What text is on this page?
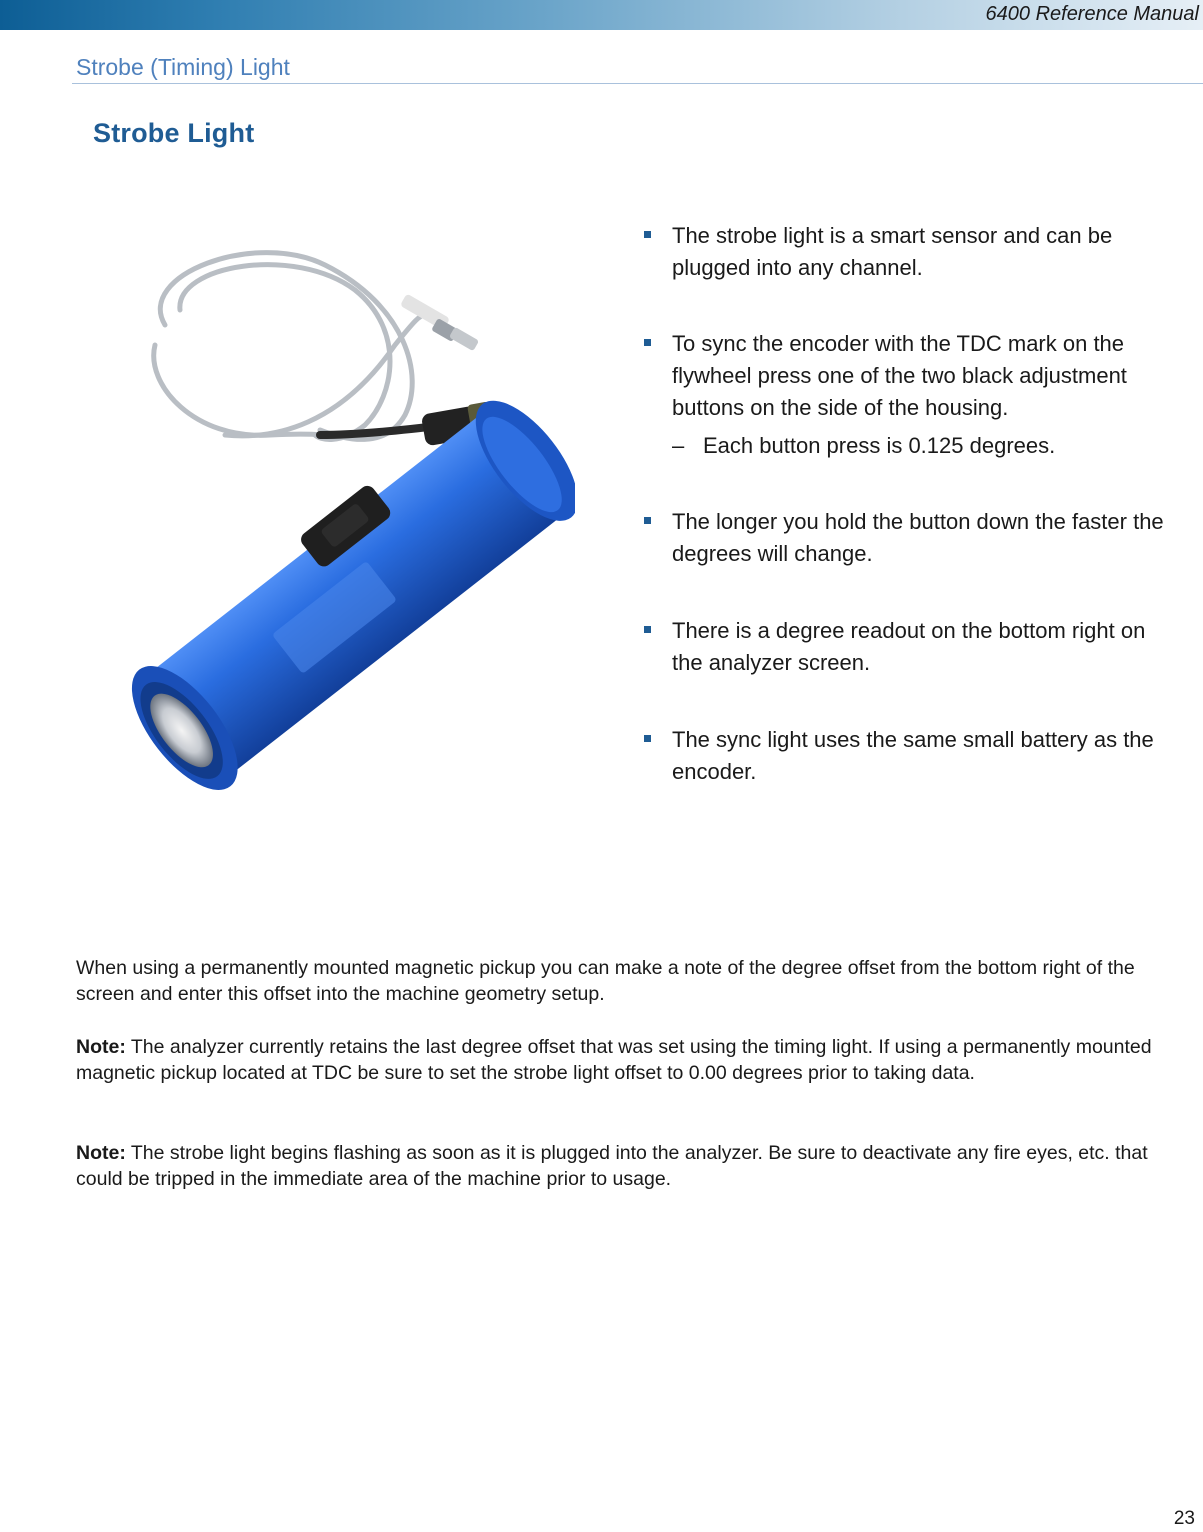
6400 Reference Manual
Strobe (Timing) Light
Strobe Light
The strobe light is a smart sensor and can be plugged into any channel.
To sync the encoder with the TDC mark on the flywheel press one of the two black adjustment buttons on the side of the housing.
– Each button press is 0.125 degrees.
The longer you hold the button down the faster the degrees will change.
There is a degree readout on the bottom right on the analyzer screen.
The sync light uses the same small battery as the encoder.

When using a permanently mounted magnetic pickup you can make a note of the degree offset from the bottom right of the screen and enter this offset into the machine geometry setup.

Note: The analyzer currently retains the last degree offset that was set using the timing light. If using a permanently mounted magnetic pickup located at TDC be sure to set the strobe light offset to 0.00 degrees prior to taking data.

Note: The strobe light begins flashing as soon as it is plugged into the analyzer. Be sure to deactivate any fire eyes, etc. that could be tripped in the immediate area of the machine prior to usage.

23
